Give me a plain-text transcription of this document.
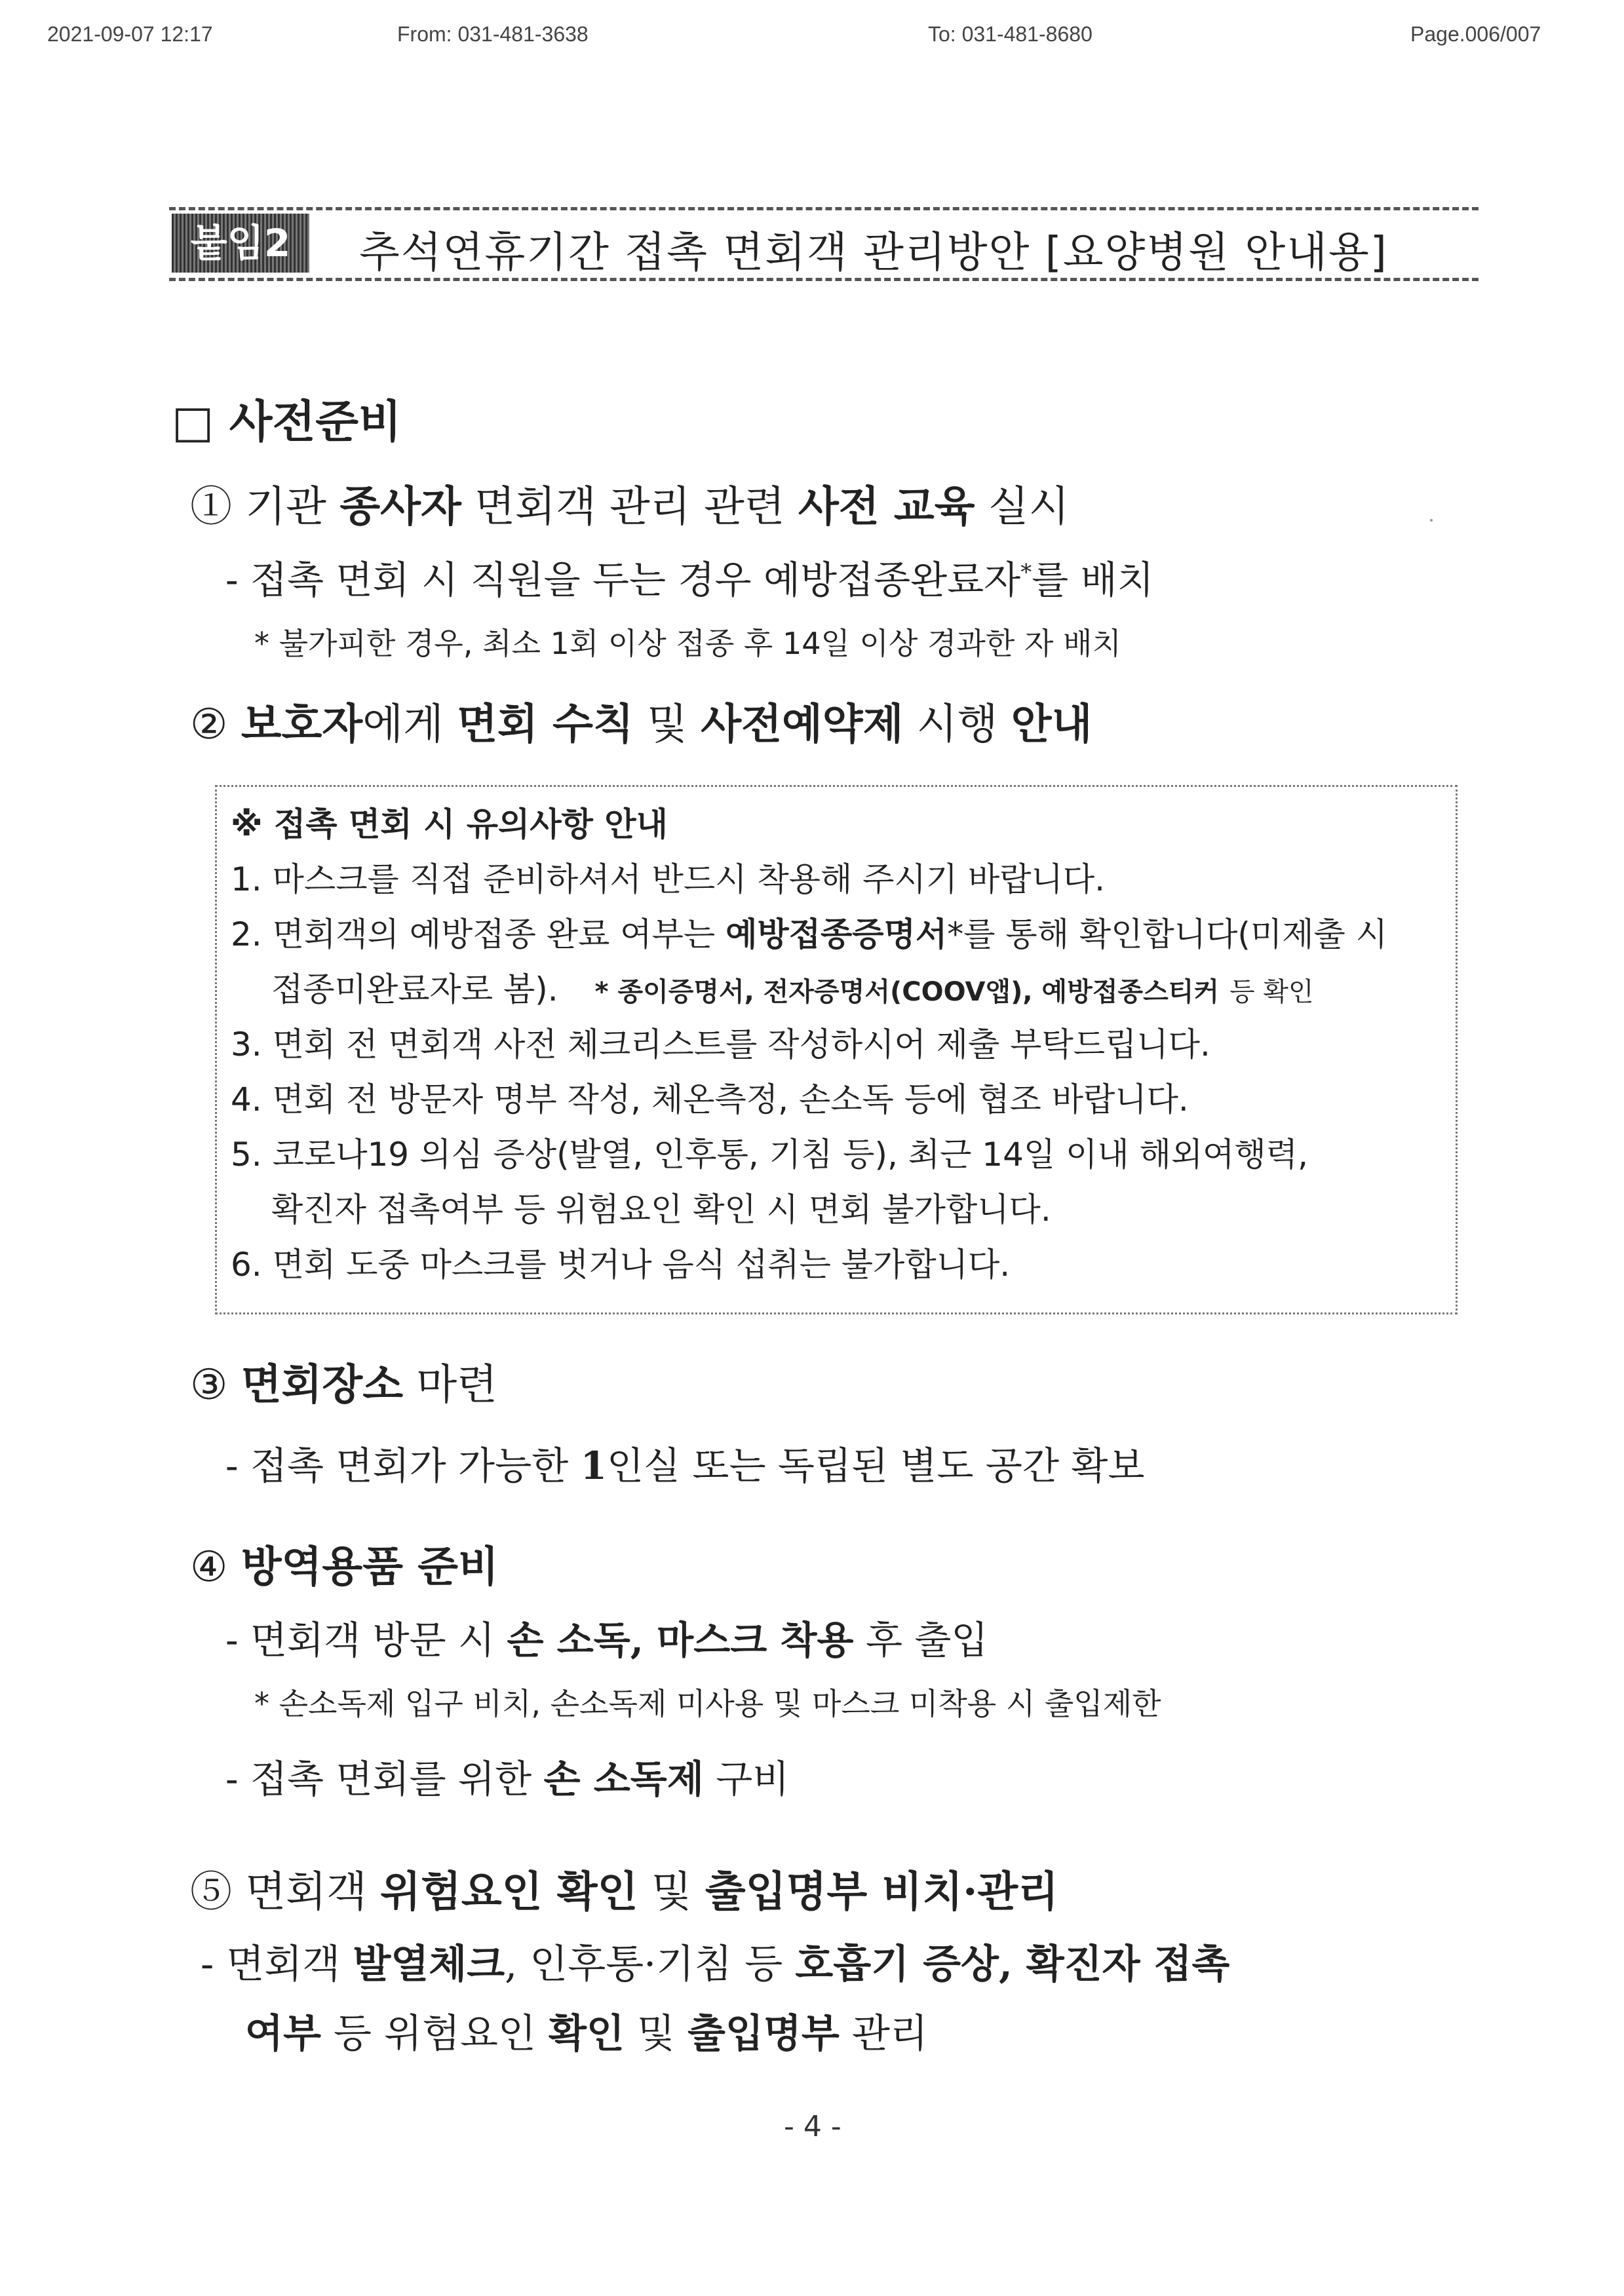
2021-09-07 12:17	From: 031-481-3638	To: 031-481-8680	Page.006/007
붙임2	추석연휴기간 접촉 면회객 관리방안 [요양병원 안내용]
□ 사전준비
① 기관 종사자 면회객 관리 관련 사전 교육 실시
- 접촉 면회 시 직원을 두는 경우 예방접종완료자*를 배치
* 불가피한 경우, 최소 1회 이상 접종 후 14일 이상 경과한 자 배치
② 보호자에게 면회 수칙 및 사전예약제 시행 안내
※ 접촉 면회 시 유의사항 안내
1. 마스크를 직접 준비하셔서 반드시 착용해 주시기 바랍니다.
2. 면회객의 예방접종 완료 여부는 예방접종증명서*를 통해 확인합니다(미제출 시
접종미완료자로 봄). * 종이증명서, 전자증명서(COOV앱), 예방접종스티커 등 확인
3. 면회 전 면회객 사전 체크리스트를 작성하시어 제출 부탁드립니다.
4. 면회 전 방문자 명부 작성, 체온측정, 손소독 등에 협조 바랍니다.
5. 코로나19 의심 증상(발열, 인후통, 기침 등), 최근 14일 이내 해외여행력,
확진자 접촉여부 등 위험요인 확인 시 면회 불가합니다.
6. 면회 도중 마스크를 벗거나 음식 섭취는 불가합니다.
③ 면회장소 마련
- 접촉 면회가 가능한 1인실 또는 독립된 별도 공간 확보
④ 방역용품 준비
- 면회객 방문 시 손 소독, 마스크 착용 후 출입
* 손소독제 입구 비치, 손소독제 미사용 및 마스크 미착용 시 출입제한
- 접촉 면회를 위한 손 소독제 구비
⑤ 면회객 위험요인 확인 및 출입명부 비치·관리
- 면회객 발열체크, 인후통·기침 등 호흡기 증상, 확진자 접촉
여부 등 위험요인 확인 및 출입명부 관리
- 4 -
